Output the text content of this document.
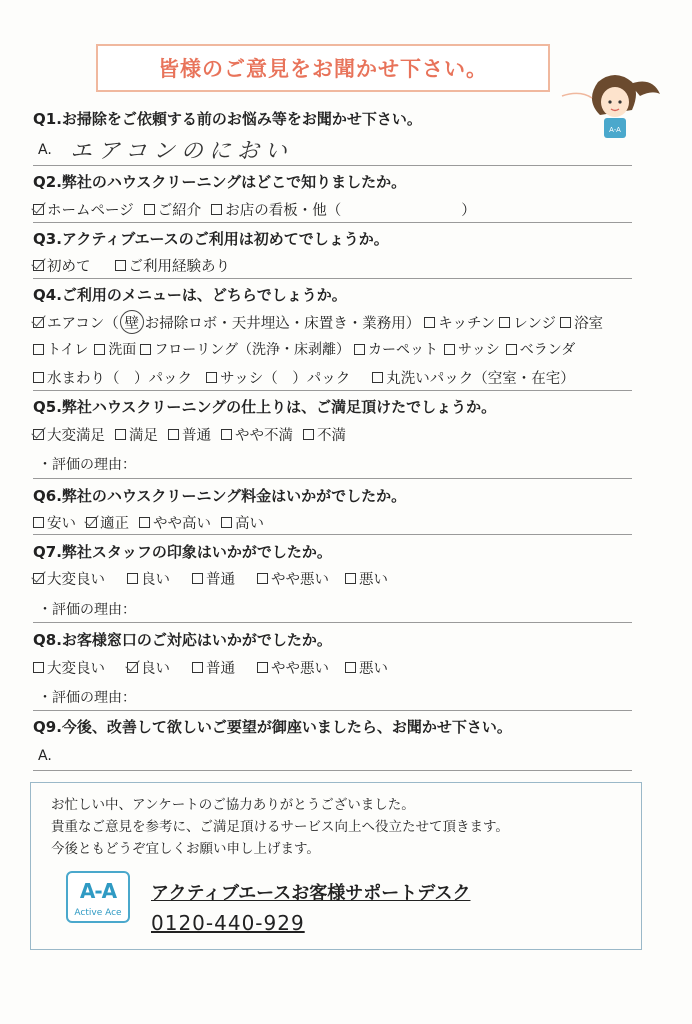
皆様のご意見をお聞かせ下さい。
A-A
Q1.お掃除をご依頼する前のお悩み等をお聞かせ下さい。
A. エアコンのにおい
Q2.弊社のハウスクリーニングはどこで知りましたか。
ホームページ ご紹介 お店の看板・他（	）
Q3.アクティブエースのご利用は初めてでしょうか。
初めて	ご利用経験あり
Q4.ご利用のメニューは、どちらでしょうか。
エアコン （ 壁 お掃除ロボ・天井埋込・床置き・業務用） キッチン レンジ 浴室
トイレ 洗面 フローリング（洗浄・床剥離） カーペット サッシ ベランダ
水まわり（　）パック サッシ（　）パック 丸洗いパック（空室・在宅）
Q5.弊社ハウスクリーニングの仕上りは、ご満足頂けたでしょうか。
大変満足 満足 普通 やや不満 不満
・評価の理由：
Q6.弊社のハウスクリーニング料金はいかがでしたか。
安い 適正 やや高い 高い
Q7.弊社スタッフの印象はいかがでしたか。
大変良い 良い 普通 やや悪い 悪い
・評価の理由：
Q8.お客様窓口のご対応はいかがでしたか。
大変良い 良い 普通 やや悪い 悪い
・評価の理由：
Q9.今後、改善して欲しいご要望が御座いましたら、お聞かせ下さい。
A.
お忙しい中、アンケートのご協力ありがとうございました。
貴重なご意見を参考に、ご満足頂けるサービス向上へ役立たせて頂きます。
今後ともどうぞ宜しくお願い申し上げます。
A-A
Active Ace
アクティブエースお客様サポートデスク
0120-440-929
